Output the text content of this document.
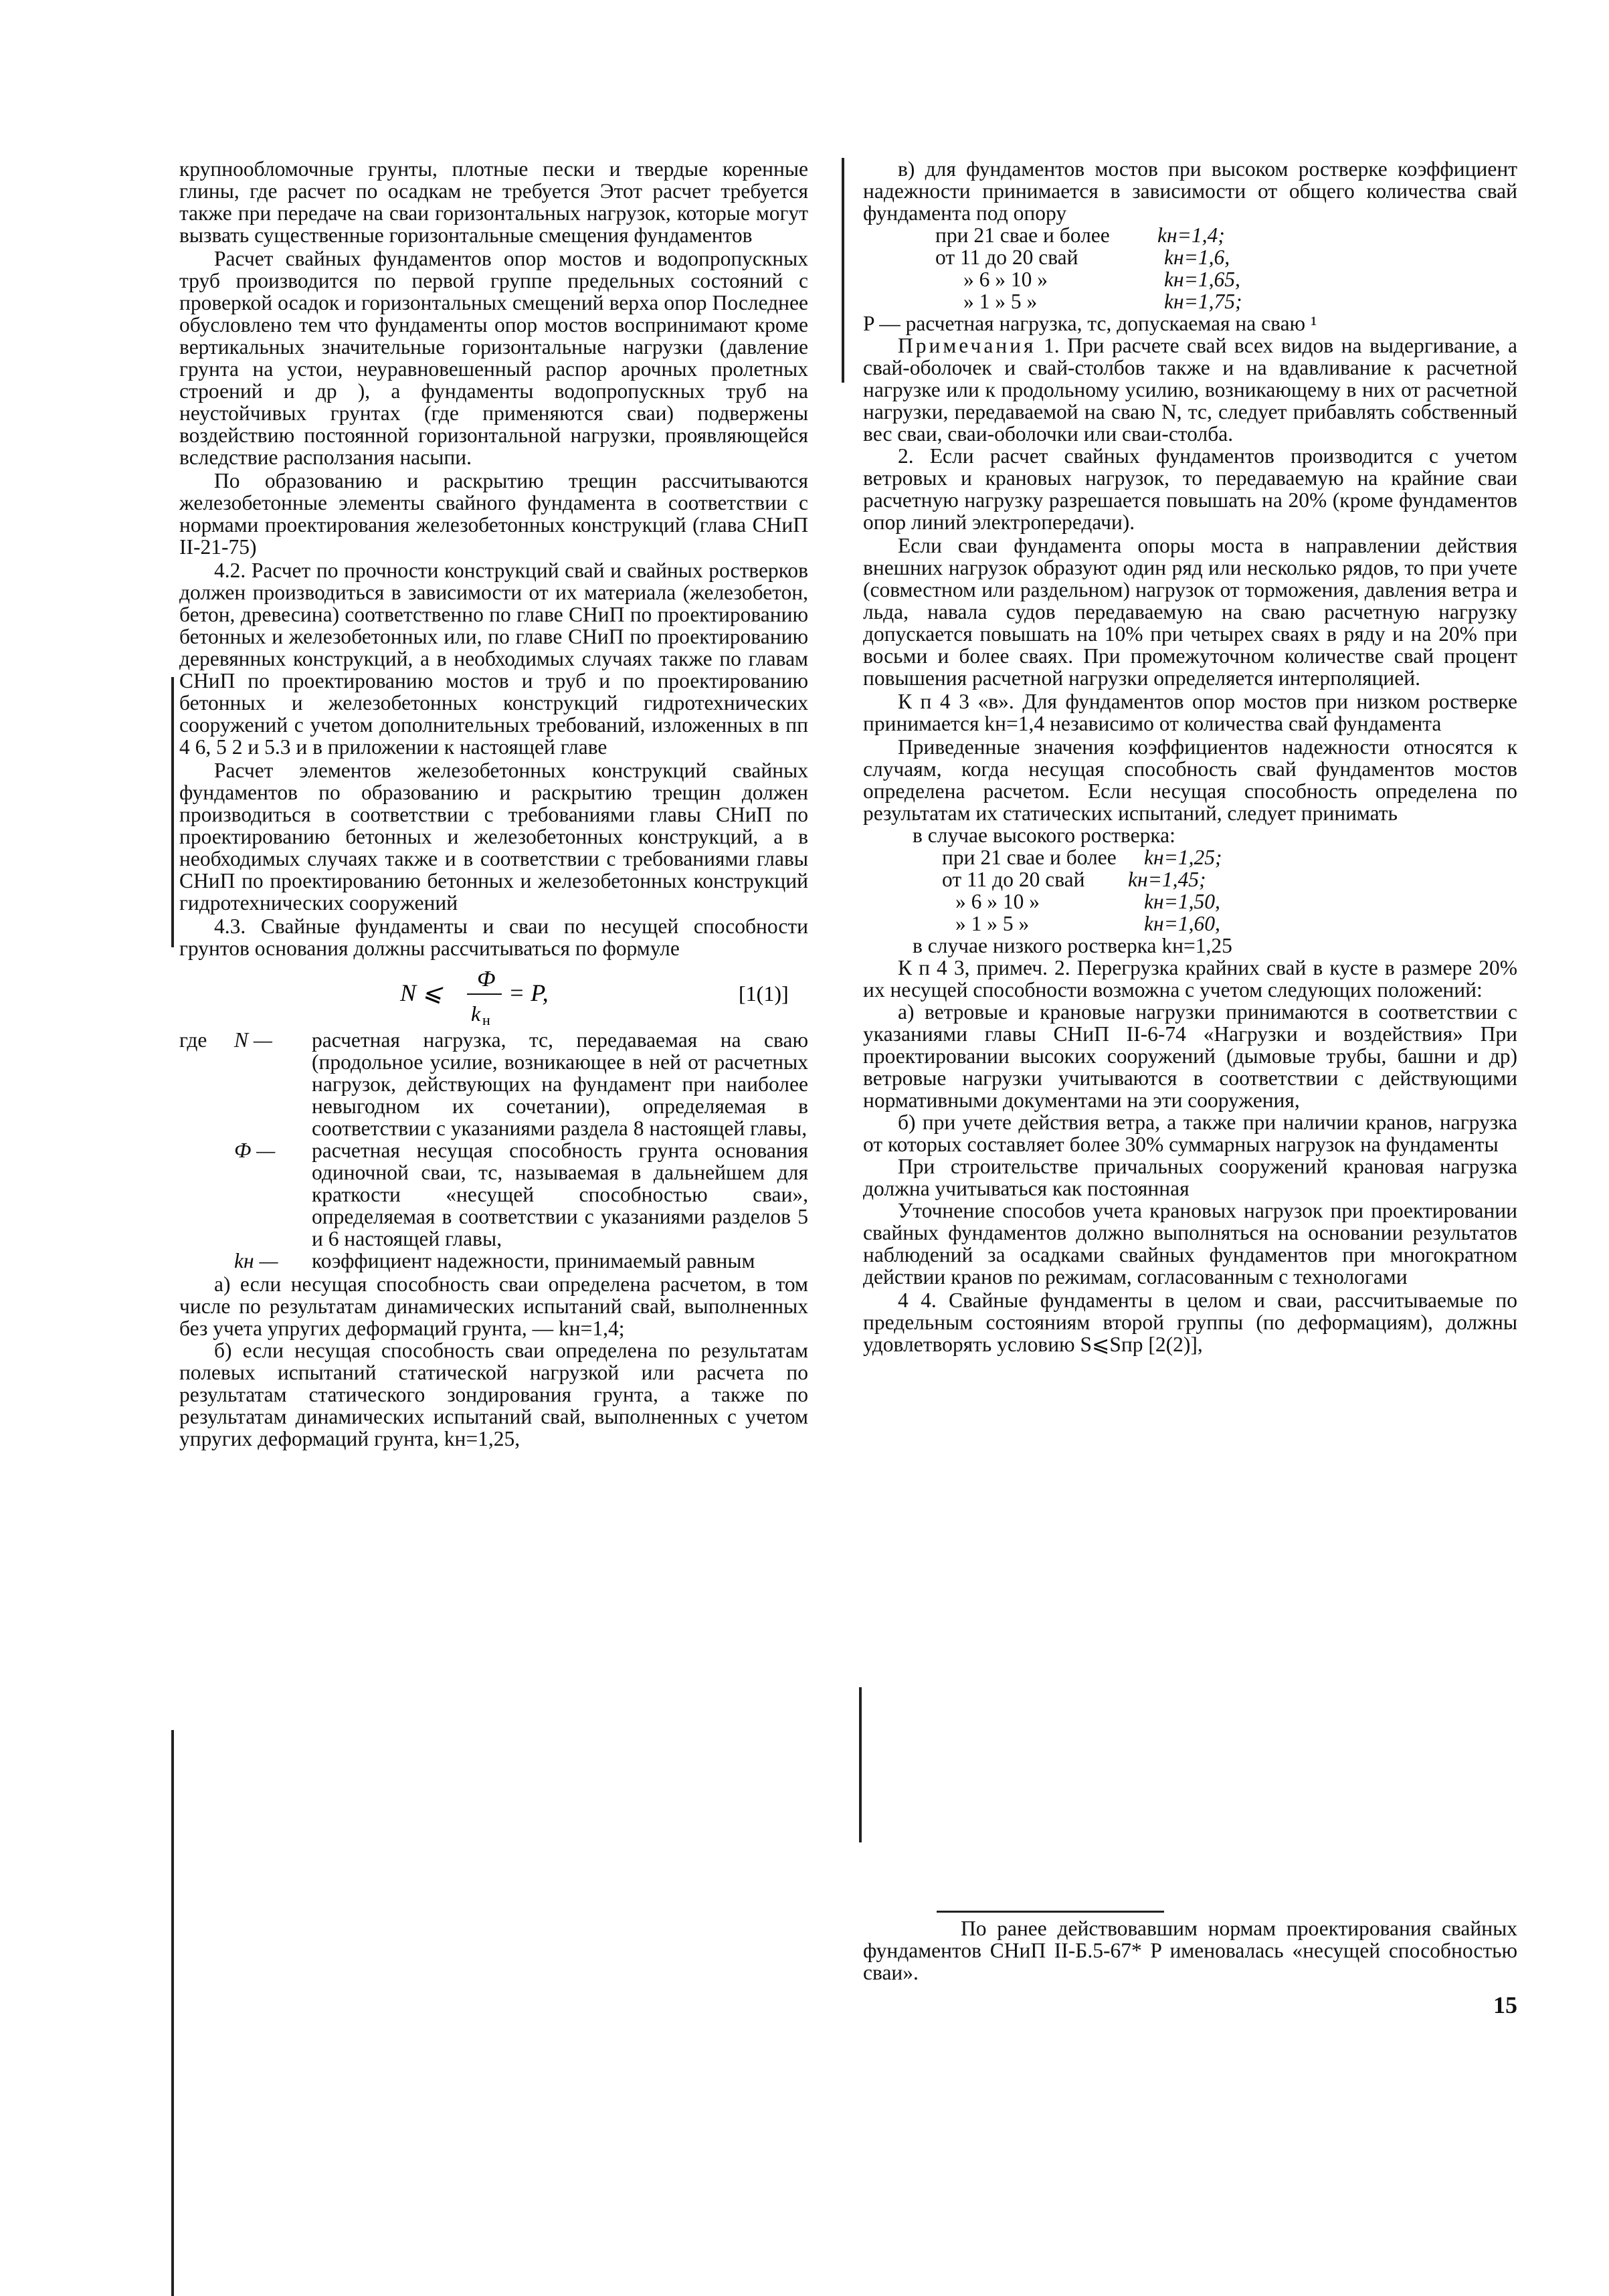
крупнообломочные грунты, плотные пески и твердые коренные глины, где расчет по осадкам не требуется Этот расчет требуется также при передаче на сваи горизонтальных нагрузок, которые могут вызвать существенные горизонтальные смещения фундаментов

Расчет свайных фундаментов опор мостов и водопропускных труб производится по первой группе предельных состояний с проверкой осадок и горизонтальных смещений верха опор Последнее обусловлено тем что фундаменты опор мостов воспринимают кроме вертикальных значительные горизонтальные нагрузки (давление грунта на устои, неуравновешенный распор арочных пролетных строений и др ), а фундаменты водопропускных труб на неустойчивых грунтах (где применяются сваи) подвержены воздействию постоянной горизонтальной нагрузки, проявляющейся вследствие расползания насыпи.

По образованию и раскрытию трещин рассчитываются железобетонные элементы свайного фундамента в соответствии с нормами проектирования железобетонных конструкций (глава СНиП II-21-75)

4.2. Расчет по прочности конструкций свай и свайных ростверков должен производиться в зависимости от их материала (железобетон, бетон, древесина) соответственно по главе СНиП по проектированию бетонных и железобетонных или, по главе СНиП по проектированию деревянных конструкций, а в необходимых случаях также по главам СНиП по проектированию мостов и труб и по проектированию бетонных и железобетонных конструкций гидротехнических сооружений с учетом дополнительных требований, изложенных в пп 4 6, 5 2 и 5.3 и в приложении к настоящей главе

Расчет элементов железобетонных конструкций свайных фундаментов по образованию и раскрытию трещин должен производиться в соответствии с требованиями главы СНиП по проектированию бетонных и железобетонных конструкций, а в необходимых случаях также и в соответствии с требованиями главы СНиП по проектированию бетонных и железобетонных конструкций гидротехнических сооружений

4.3. Свайные фундаменты и сваи по несущей способности грунтов основания должны рассчитываться по формуле

N ⩽
Ф
k н
= P,	[1(1)]
где N — расчетная нагрузка, тс, передаваемая на сваю (продольное усилие, возникающее в ней от расчетных нагрузок, действующих на фундамент при наиболее невыгодном их сочетании), определяемая в соответствии с указаниями раздела 8 настоящей главы,
Ф — расчетная несущая способность грунта основания одиночной сваи, тс, называемая в дальнейшем для краткости «несущей способностью сваи», определяемая в соответствии с указаниями разделов 5 и 6 настоящей главы,
kн — коэффициент надежности, принимаемый равным

а) если несущая способность сваи определена расчетом, в том числе по результатам динамических испытаний свай, выполненных без учета упругих деформаций грунта, — kн=1,4;

б) если несущая способность сваи определена по результатам полевых испытаний статической нагрузкой или расчета по результатам статического зондирования грунта, а также по результатам динамических испытаний свай, выполненных с учетом упругих деформаций грунта, kн=1,25,

в) для фундаментов мостов при высоком ростверке коэффициент надежности принимается в зависимости от общего количества свай фундамента под опору

при 21 сваe и более kн=1,4;
от 11 до 20 свай	kн=1,6,
» 6 » 10 »	kн=1,65,
» 1 » 5 »	kн=1,75;

P — расчетная нагрузка, тс, допускаемая на сваю ¹

Примечания 1. При расчете свай всех видов на выдергивание, а свай-оболочек и свай-столбов также и на вдавливание к расчетной нагрузке или к продольному усилию, возникающему в них от расчетной нагрузки, передаваемой на сваю N, тс, следует прибавлять собственный вес сваи, сваи-оболочки или сваи-столба.

2. Если расчет свайных фундаментов производится с учетом ветровых и крановых нагрузок, то передаваемую на крайние сваи расчетную нагрузку разрешается повышать на 20% (кроме фундаментов опор линий электропередачи).

Если сваи фундамента опоры моста в направлении действия внешних нагрузок образуют один ряд или несколько рядов, то при учете (совместном или раздельном) нагрузок от торможения, давления ветра и льда, навала судов передаваемую на сваю расчетную нагрузку допускается повышать на 10% при четырех сваях в ряду и на 20% при восьми и более сваях. При промежуточном количестве свай процент повышения расчетной нагрузки определяется интерполяцией.

К п 4 3 «в». Для фундаментов опор мостов при низком ростверке принимается kн=1,4 независимо от количества свай фундамента

Приведенные значения коэффициентов надежности относятся к случаям, когда несущая способность свай фундаментов мостов определена расчетом. Если несущая способность определена по результатам их статических испытаний, следует принимать

в случае высокого ростверка:

при 21 сваe и более kн=1,25;
от 11 до 20 свай kн=1,45;
» 6 » 10 »	kн=1,50,
» 1 » 5 »	kн=1,60,

в случае низкого ростверка kн=1,25

К п 4 3, примеч. 2. Перегрузка крайних свай в кусте в размере 20% их несущей способности возможна с учетом следующих положений:

а) ветровые и крановые нагрузки принимаются в соответствии с указаниями главы СНиП II-6-74 «Нагрузки и воздействия» При проектировании высоких сооружений (дымовые трубы, башни и др) ветровые нагрузки учитываются в соответствии с действующими нормативными документами на эти сооружения,

б) при учете действия ветра, а также при наличии кранов, нагрузка от которых составляет более 30% суммарных нагрузок на фундаменты

При строительстве причальных сооружений крановая нагрузка должна учитываться как постоянная

Уточнение способов учета крановых нагрузок при проектировании свайных фундаментов должно выполняться на основании результатов наблюдений за осадками свайных фундаментов при многократном действии кранов по режимам, согласованным с технологами

4 4. Свайные фундаменты в целом и сваи, рассчитываемые по предельным состояниям второй группы (по деформациям), должны удовлетворять условию S⩽Sпр [2(2)],

По ранее действовавшим нормам проектирования свайных фундаментов СНиП II-Б.5-67* P именовалась «несущей способностью сваи».

15
